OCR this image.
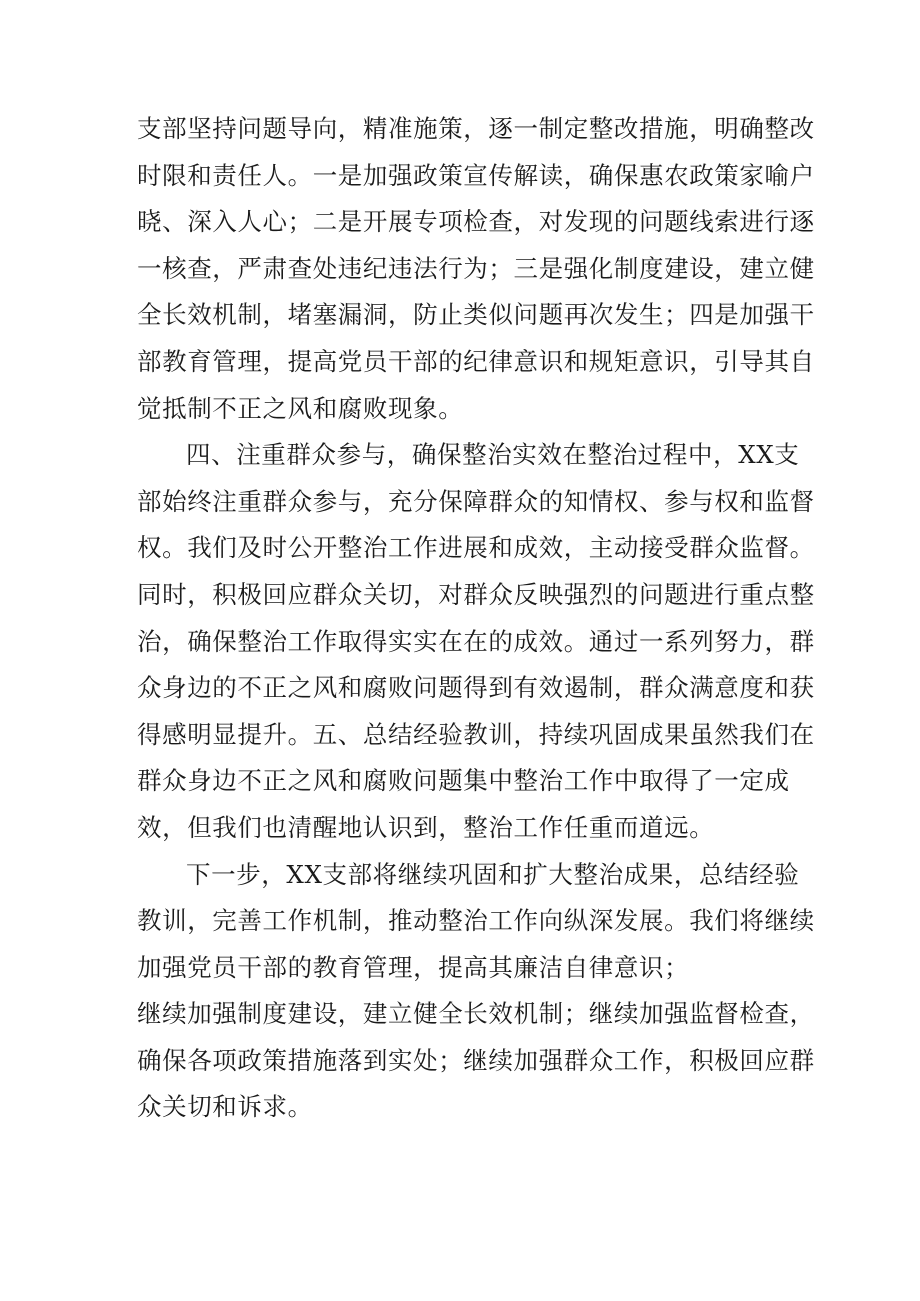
支部坚持问题导向，精准施策，逐一制定整改措施，明确整改
时限和责任人。一是加强政策宣传解读，确保惠农政策家喻户
晓、深入人心；二是开展专项检查，对发现的问题线索进行逐
一核查，严肃查处违纪违法行为；三是强化制度建设，建立健
全长效机制，堵塞漏洞，防止类似问题再次发生；四是加强干
部教育管理，提高党员干部的纪律意识和规矩意识，引导其自
觉抵制不正之风和腐败现象。
四、注重群众参与，确保整治实效在整治过程中，XX支
部始终注重群众参与，充分保障群众的知情权、参与权和监督
权。我们及时公开整治工作进展和成效，主动接受群众监督。
同时，积极回应群众关切，对群众反映强烈的问题进行重点整
治，确保整治工作取得实实在在的成效。通过一系列努力，群
众身边的不正之风和腐败问题得到有效遏制，群众满意度和获
得感明显提升。五、总结经验教训，持续巩固成果虽然我们在
群众身边不正之风和腐败问题集中整治工作中取得了一定成
效，但我们也清醒地认识到，整治工作任重而道远。
下一步，XX支部将继续巩固和扩大整治成果，总结经验
教训，完善工作机制，推动整治工作向纵深发展。我们将继续
加强党员干部的教育管理，提高其廉洁自律意识；
继续加强制度建设，建立健全长效机制；继续加强监督检查，
确保各项政策措施落到实处；继续加强群众工作，积极回应群
众关切和诉求。
